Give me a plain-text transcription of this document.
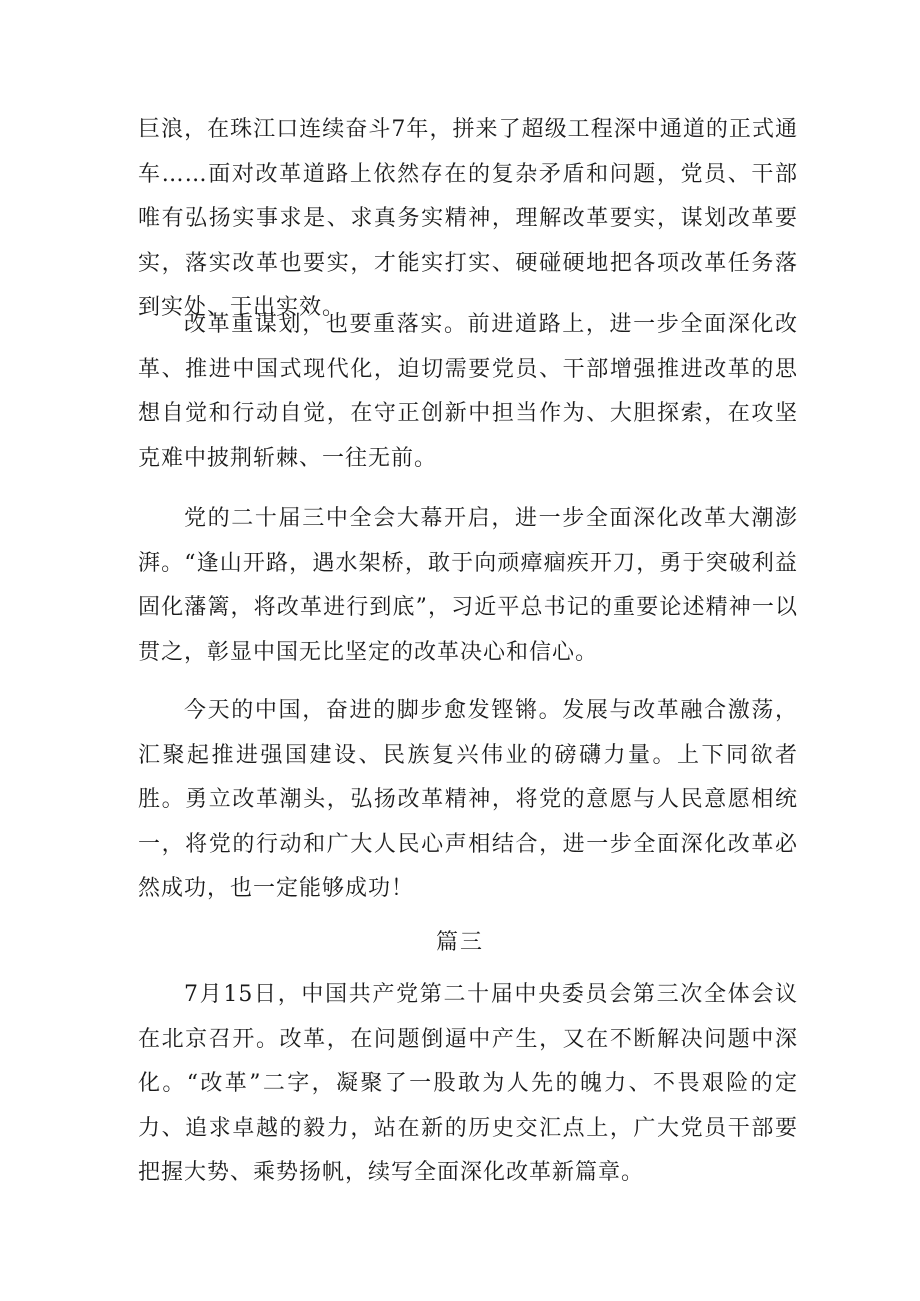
巨浪，在珠江口连续奋斗7年，拼来了超级工程深中通道的正式通车……面对改革道路上依然存在的复杂矛盾和问题，党员、干部唯有弘扬实事求是、求真务实精神，理解改革要实，谋划改革要实，落实改革也要实，才能实打实、硬碰硬地把各项改革任务落到实处、干出实效。

改革重谋划，也要重落实。前进道路上，进一步全面深化改革、推进中国式现代化，迫切需要党员、干部增强推进改革的思想自觉和行动自觉，在守正创新中担当作为、大胆探索，在攻坚克难中披荆斩棘、一往无前。

党的二十届三中全会大幕开启，进一步全面深化改革大潮澎湃。“逢山开路，遇水架桥，敢于向顽瘴痼疾开刀，勇于突破利益固化藩篱，将改革进行到底”，习近平总书记的重要论述精神一以贯之，彰显中国无比坚定的改革决心和信心。

今天的中国，奋进的脚步愈发铿锵。发展与改革融合激荡，汇聚起推进强国建设、民族复兴伟业的磅礴力量。上下同欲者胜。勇立改革潮头，弘扬改革精神，将党的意愿与人民意愿相统一，将党的行动和广大人民心声相结合，进一步全面深化改革必然成功，也一定能够成功！

篇三

7月15日，中国共产党第二十届中央委员会第三次全体会议在北京召开。改革，在问题倒逼中产生，又在不断解决问题中深化。“改革”二字，凝聚了一股敢为人先的魄力、不畏艰险的定力、追求卓越的毅力，站在新的历史交汇点上，广大党员干部要把握大势、乘势扬帆，续写全面深化改革新篇章。
